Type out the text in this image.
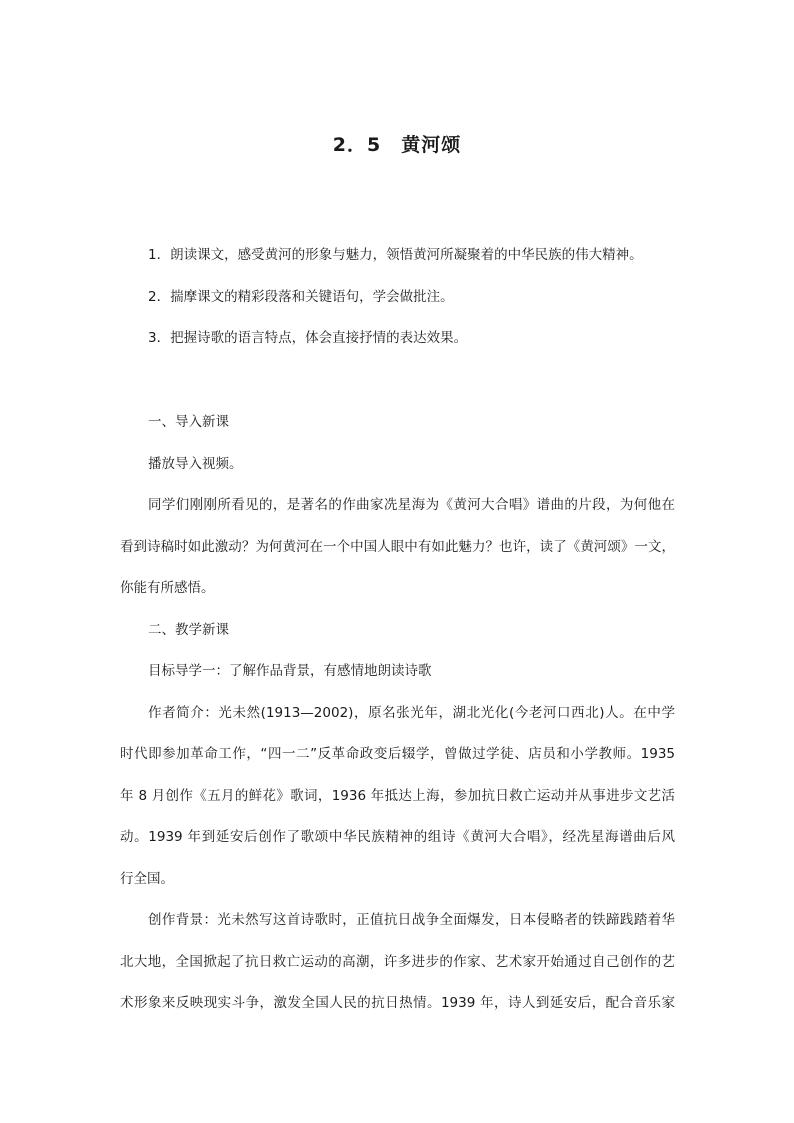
2．5　黄河颂

1．朗读课文，感受黄河的形象与魅力，领悟黄河所凝聚着的中华民族的伟大精神。

2．揣摩课文的精彩段落和关键语句，学会做批注。

3．把握诗歌的语言特点，体会直接抒情的表达效果。

一、导入新课

播放导入视频。

同学们刚刚所看见的，是著名的作曲家冼星海为《黄河大合唱》谱曲的片段，为何他在

看到诗稿时如此激动？为何黄河在一个中国人眼中有如此魅力？也许，读了《黄河颂》一文，

你能有所感悟。

二、教学新课

目标导学一：了解作品背景，有感情地朗读诗歌

作者简介：光未然(1913—2002)，原名张光年，湖北光化(今老河口西北)人。在中学

时代即参加革命工作，“四一二”反革命政变后辍学，曾做过学徒、店员和小学教师。1935

年 8 月创作《五月的鲜花》歌词，1936 年抵达上海，参加抗日救亡运动并从事进步文艺活

动。1939 年到延安后创作了歌颂中华民族精神的组诗《黄河大合唱》，经冼星海谱曲后风

行全国。

创作背景：光未然写这首诗歌时，正值抗日战争全面爆发，日本侵略者的铁蹄践踏着华

北大地，全国掀起了抗日救亡运动的高潮，许多进步的作家、艺术家开始通过自己创作的艺

术形象来反映现实斗争，激发全国人民的抗日热情。1939 年，诗人到延安后，配合音乐家
